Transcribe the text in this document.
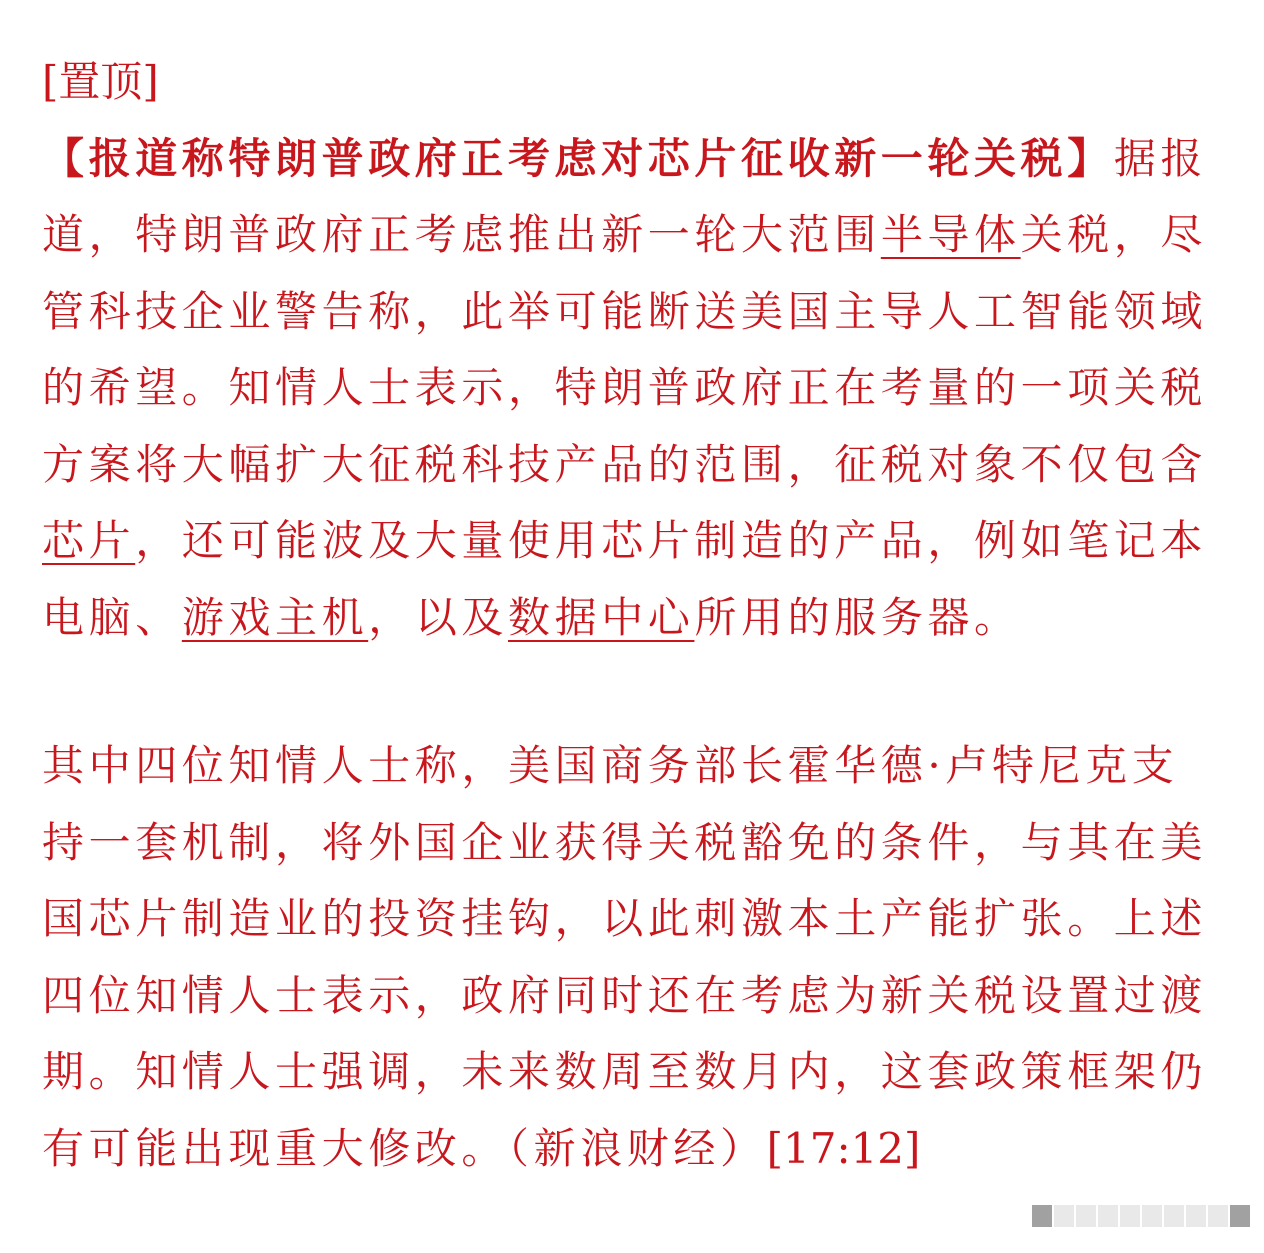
[置顶]【报道称特朗普政府正考虑对芯片征收新一轮关税】据报道，特朗普政府正考虑推出新一轮大范围半导体关税，尽管科技企业警告称，此举可能断送美国主导人工智能领域的希望。知情人士表示，特朗普政府正在考量的一项关税方案将大幅扩大征税科技产品的范围，征税对象不仅包含芯片，还可能波及大量使用芯片制造的产品，例如笔记本电脑、游戏主机，以及数据中心所用的服务器。

其中四位知情人士称，美国商务部长霍华德·卢特尼克支持一套机制，将外国企业获得关税豁免的条件，与其在美国芯片制造业的投资挂钩，以此刺激本土产能扩张。上述四位知情人士表示，政府同时还在考虑为新关税设置过渡期。知情人士强调，未来数周至数月内，这套政策框架仍有可能出现重大修改。（新浪财经）[17:12]
